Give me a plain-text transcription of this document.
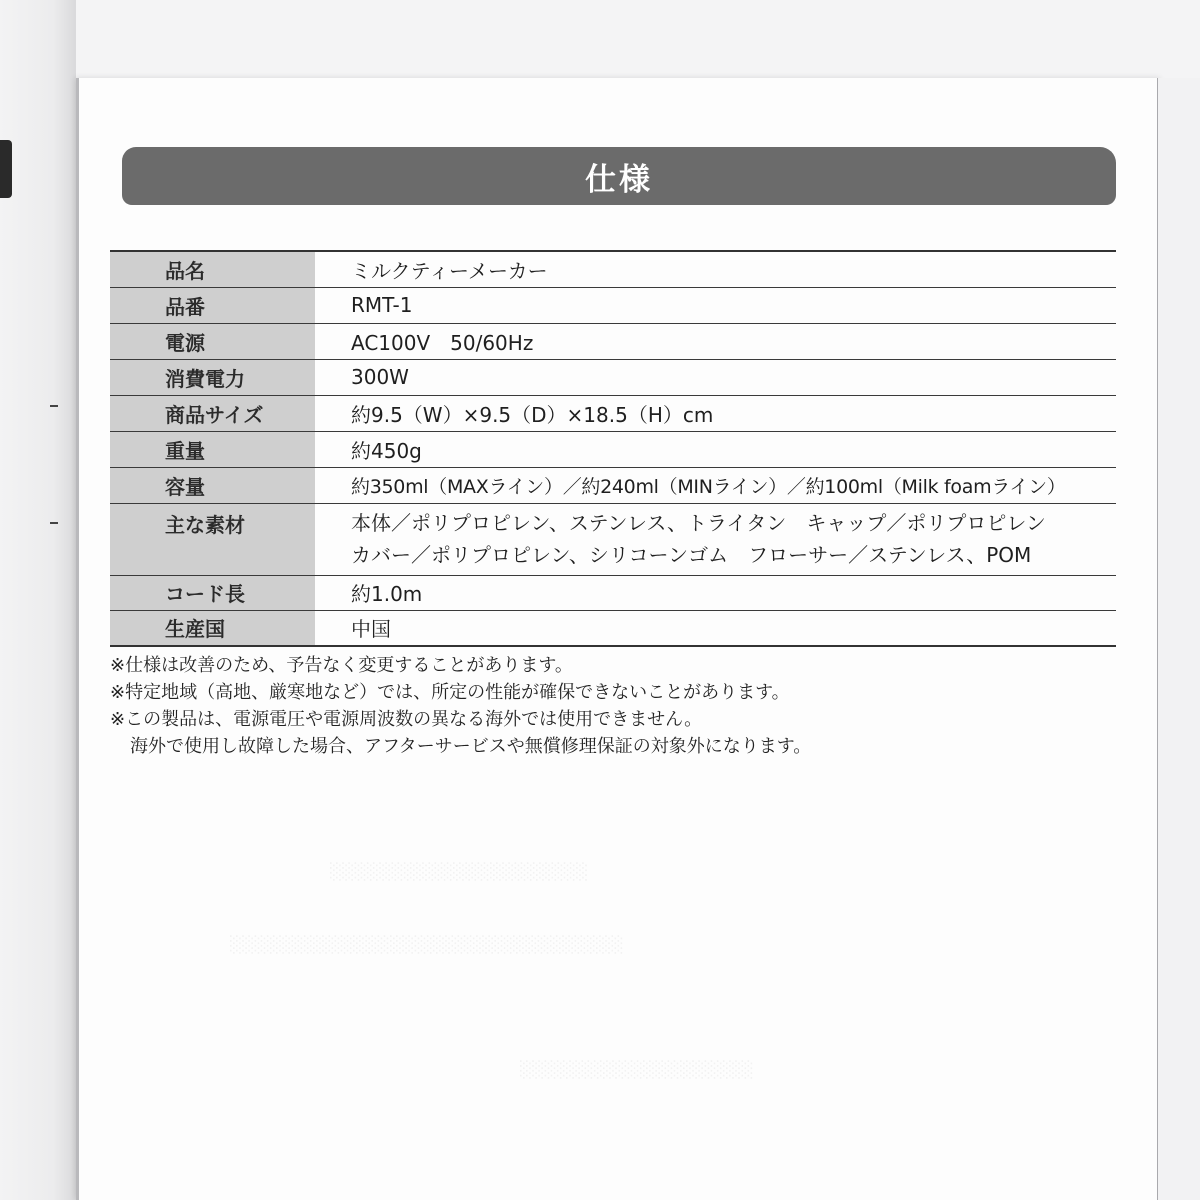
░░░░░░░░░░░░░░░░░░░░░
░░░░░░░░░░░░░░░░░░░░░░░░░░░░░░░░
░░░░░░░░░░░░░░░░░░░
仕様
品名	ミルクティーメーカー
品番	RMT-1
電源	AC100V　50/60Hz
消費電力	300W
商品サイズ	約9.5（W）×9.5（D）×18.5（H）cm
重量	約450g
容量	約350ml（MAXライン）／約240ml（MINライン）／約100ml（Milk foamライン）
主な素材	本体／ポリプロピレン、ステンレス、トライタン　キャップ／ポリプロピレン
カバー／ポリプロピレン、シリコーンゴム　フローサー／ステンレス、POM

コード長	約1.0m
生産国	中国
※仕様は改善のため、予告なく変更することがあります。
※特定地域（高地、厳寒地など）では、所定の性能が確保できないことがあります。
※この製品は、電源電圧や電源周波数の異なる海外では使用できません。
海外で使用し故障した場合、アフターサービスや無償修理保証の対象外になります。
